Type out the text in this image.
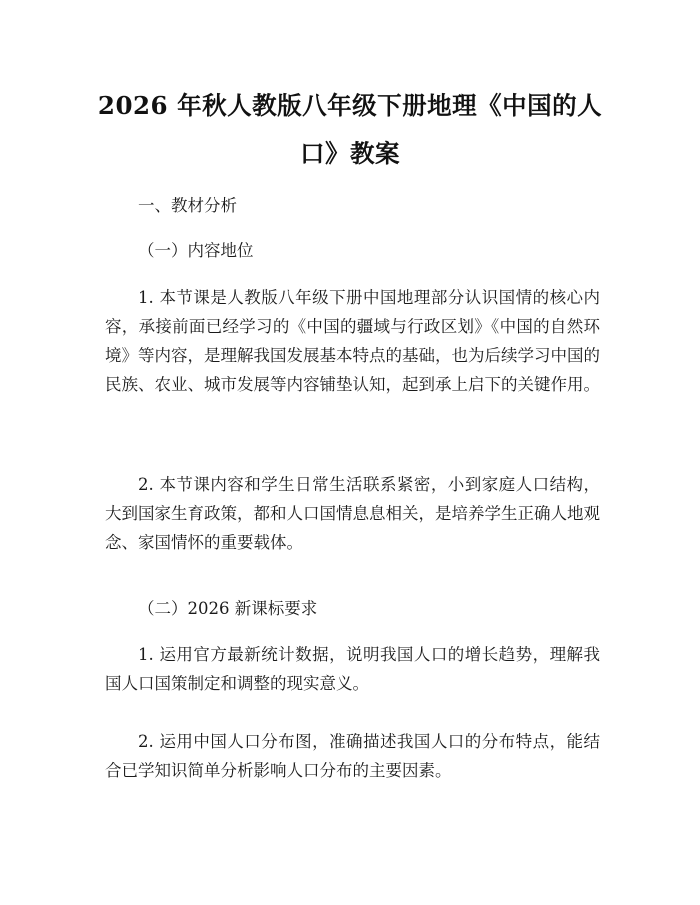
2026 年秋人教版八年级下册地理《中国的人口》教案
一、教材分析
（一）内容地位

1. 本节课是人教版八年级下册中国地理部分认识国情的核心内容，承接前面已经学习的《中国的疆域与行政区划》《中国的自然环境》等内容，是理解我国发展基本特点的基础，也为后续学习中国的民族、农业、城市发展等内容铺垫认知，起到承上启下的关键作用。

2. 本节课内容和学生日常生活联系紧密，小到家庭人口结构，大到国家生育政策，都和人口国情息息相关，是培养学生正确人地观念、家国情怀的重要载体。

（二）2026 新课标要求

1. 运用官方最新统计数据，说明我国人口的增长趋势，理解我国人口国策制定和调整的现实意义。

2. 运用中国人口分布图，准确描述我国人口的分布特点，能结合已学知识简单分析影响人口分布的主要因素。
